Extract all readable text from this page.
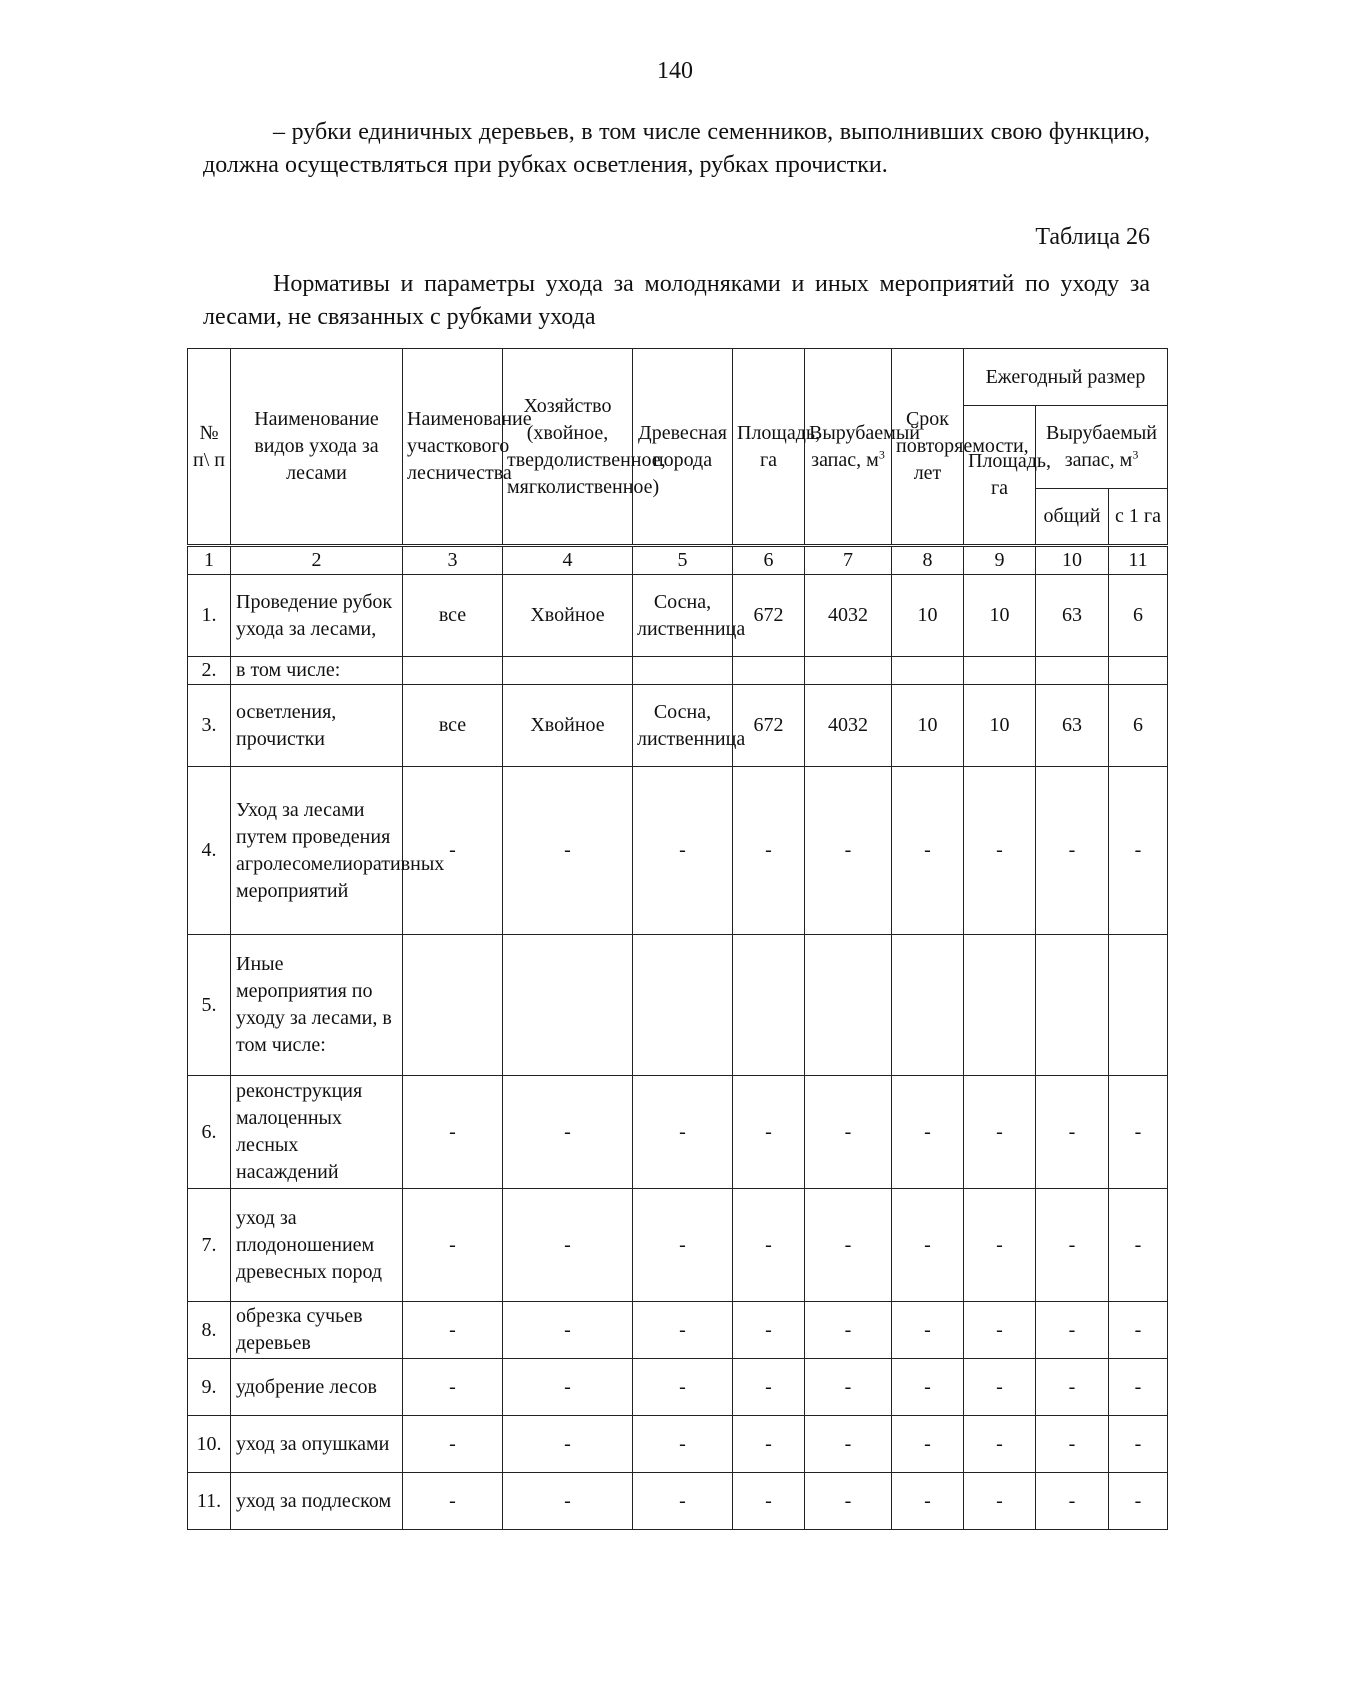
140
– рубки единичных деревьев, в том числе семенников, выполнивших свою функцию, должна осуществляться при рубках осветления, рубках прочистки.
Таблица 26
Нормативы и параметры ухода за молодняками и иных мероприятий по уходу за лесами, не связанных с рубками ухода
№ п\ п	Наименование видов ухода за лесами	Наименование участкового лесничества	Хозяйство (хвойное, твердолиственное, мягколиственное)	Древесная порода	Площадь, га	Вырубаемый запас, $м^3$	Срок повторяемости, лет	Ежегодный размер		
								Площадь, га	Вырубаемый запас, $м^3$
									общий	с 1 га
1	2	3	4	5	6	7	8	9	10	11
1.	Проведение рубок ухода за лесами,	все	Хвойное	Сосна, лиственница	672	4032	10	10	63	6
2.	в том числе:									
3.	осветления, прочистки	все	Хвойное	Сосна, лиственница	672	4032	10	10	63	6
4.	Уход за лесами путем проведения агролесомелиоративных мероприятий	-	-	-	-	-	-	-	-	-
5.	Иные мероприятия по уходу за лесами, в том числе:									
6.	реконструкция малоценных лесных насаждений	-	-	-	-	-	-	-	-	-
7.	уход за плодоношением древесных пород	-	-	-	-	-	-	-	-	-
8.	обрезка сучьев деревьев	-	-	-	-	-	-	-	-	-
9.	удобрение лесов	-	-	-	-	-	-	-	-	-
10.	уход за опушками	-	-	-	-	-	-	-	-	-
11.	уход за подлеском	-	-	-	-	-	-	-	-	-
